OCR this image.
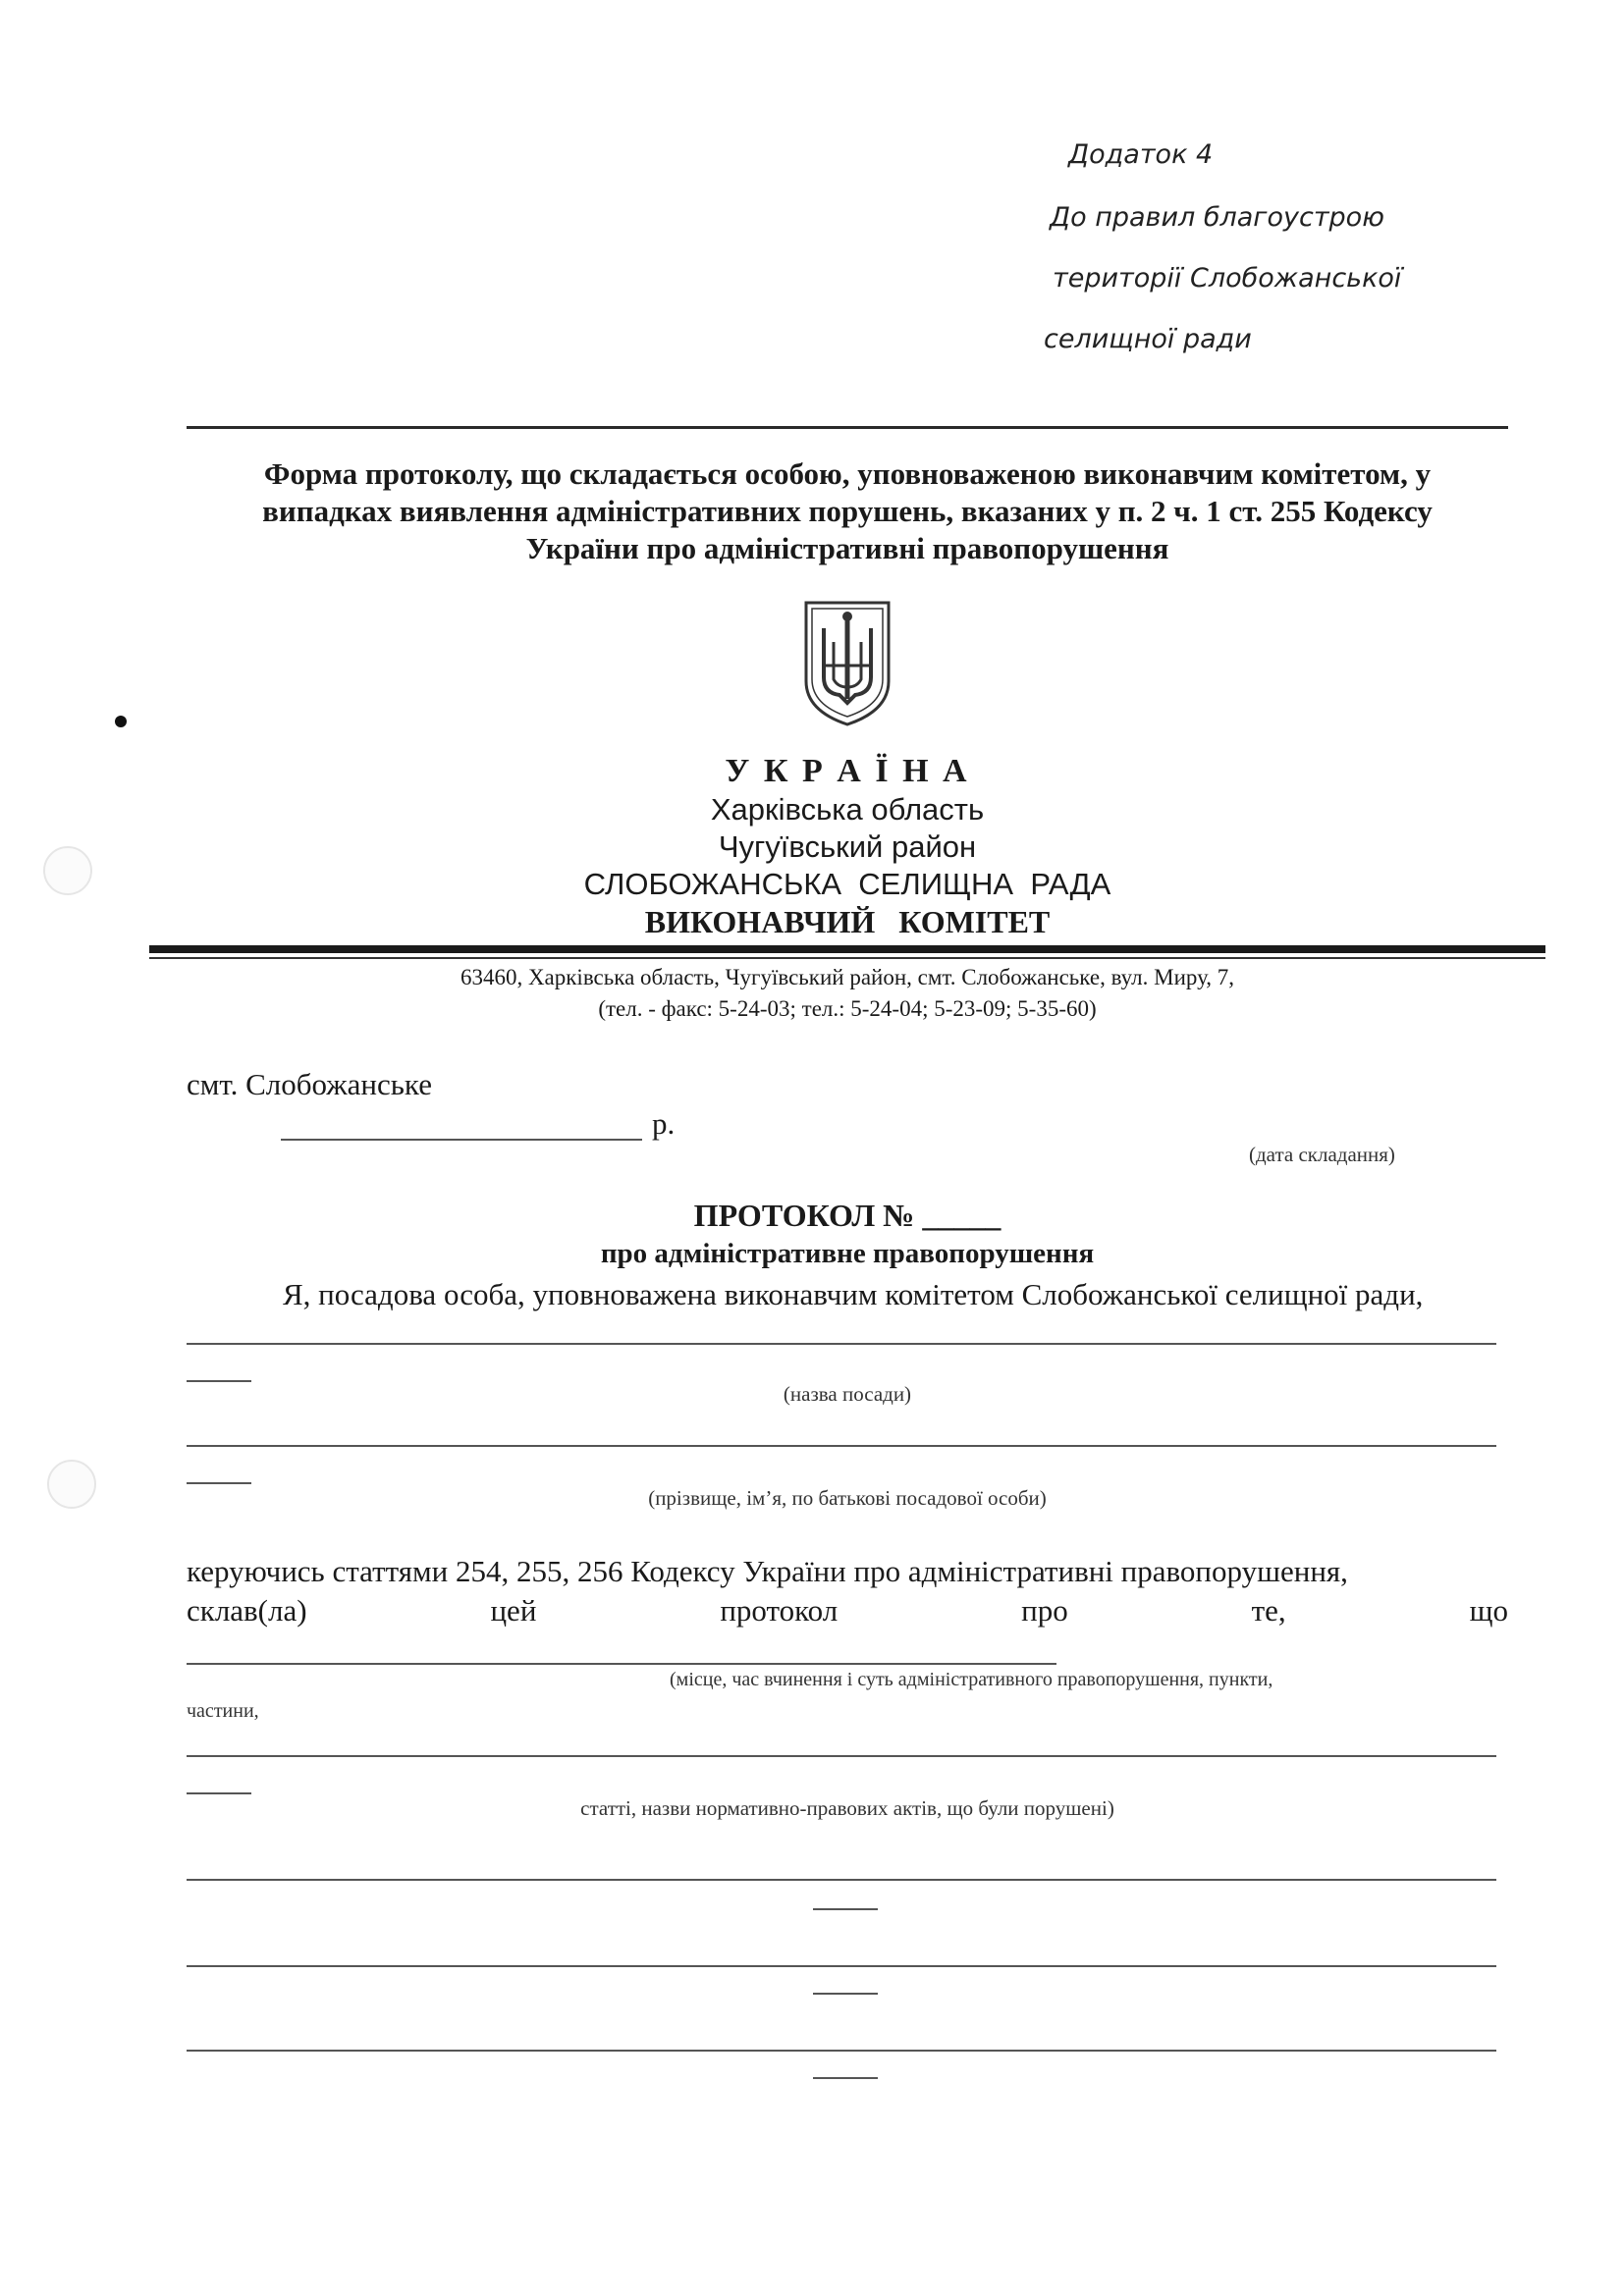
Додаток 4
До правил благоустрою
території Слобожанської
селищної ради
Форма протоколу, що складається особою, уповноваженою виконавчим комітетом, у
випадках виявлення адміністративних порушень, вказаних у п. 2 ч. 1 ст. 255 Кодексу
України про адміністративні правопорушення
У К Р А Ї Н А
Харківська область
Чугуївський район
СЛОБОЖАНСЬКА  СЕЛИЩНА  РАДА
ВИКОНАВЧИЙ   КОМІТЕТ
63460, Харківська область, Чугуївський район, смт. Слобожанське, вул. Миру, 7,
(тел. - факс: 5-24-03; тел.: 5-24-04; 5-23-09; 5-35-60)
смт. Слобожанське
р.
(дата складання)
ПРОТОКОЛ № _____
про адміністративне правопорушення
Я, посадова особа, уповноважена виконавчим комітетом Слобожанської селищної ради,
(назва посади)
(прізвище, ім’я, по батькові посадової особи)
керуючись статтями 254, 255, 256 Кодексу України про адміністративні правопорушення,
склав(ла)	цей	протокол	про	те,	що
(місце, час вчинення і суть адміністративного правопорушення, пункти,
частини,
статті, назви нормативно-правових актів, що були порушені)
